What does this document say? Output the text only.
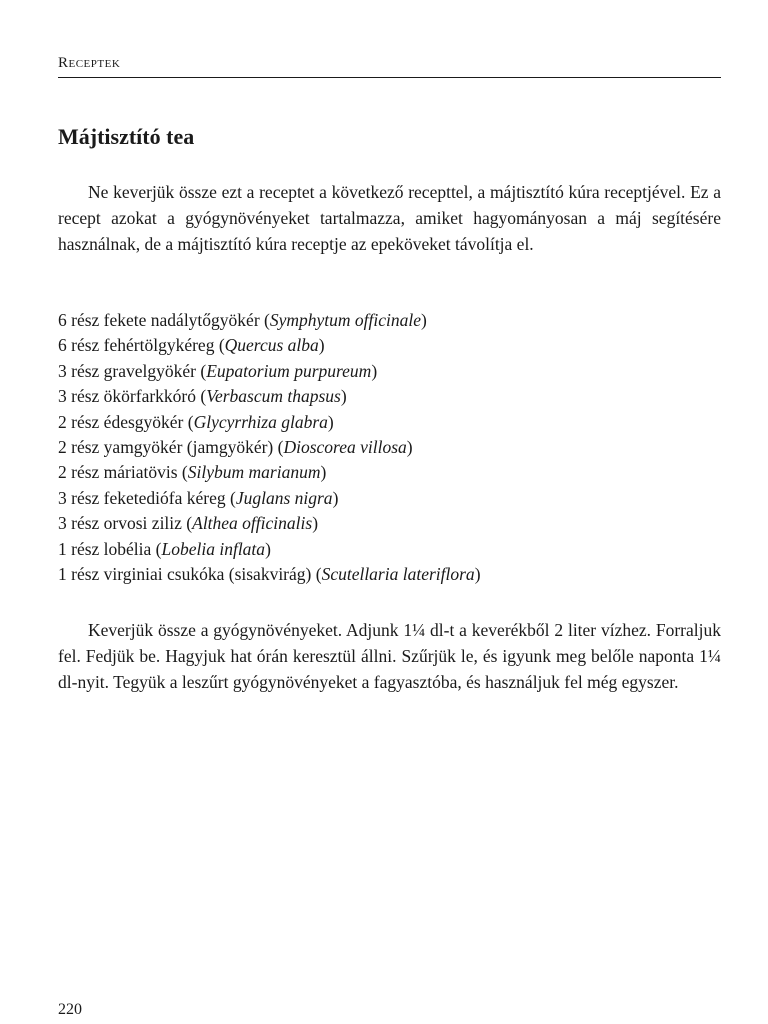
Receptek
Májtisztító tea

Ne keverjük össze ezt a receptet a következő recepttel, a májtisztító kúra receptjével. Ez a recept azokat a gyógynövényeket tartalmazza, amiket hagyományosan a máj segítésére használnak, de a májtisztító kúra receptje az epeköveket távolítja el.

6 rész fekete nadálytőgyökér (Symphytum officinale)
6 rész fehértölgykéreg (Quercus alba)
3 rész gravelgyökér (Eupatorium purpureum)
3 rész ökörfarkkóró (Verbascum thapsus)
2 rész édesgyökér (Glycyrrhiza glabra)
2 rész yamgyökér (jamgyökér) (Dioscorea villosa)
2 rész máriatövis (Silybum marianum)
3 rész feketediófa kéreg (Juglans nigra)
3 rész orvosi ziliz (Althea officinalis)
1 rész lobélia (Lobelia inflata)
1 rész virginiai csukóka (sisakvirág) (Scutellaria lateriflora)

Keverjük össze a gyógynövényeket. Adjunk 1¼ dl-t a keverékből 2 liter vízhez. Forraljuk fel. Fedjük be. Hagyjuk hat órán keresztül állni. Szűrjük le, és igyunk meg belőle naponta 1¼ dl-nyit. Tegyük a leszűrt gyógynövényeket a fagyasztóba, és használjuk fel még egyszer.

220
